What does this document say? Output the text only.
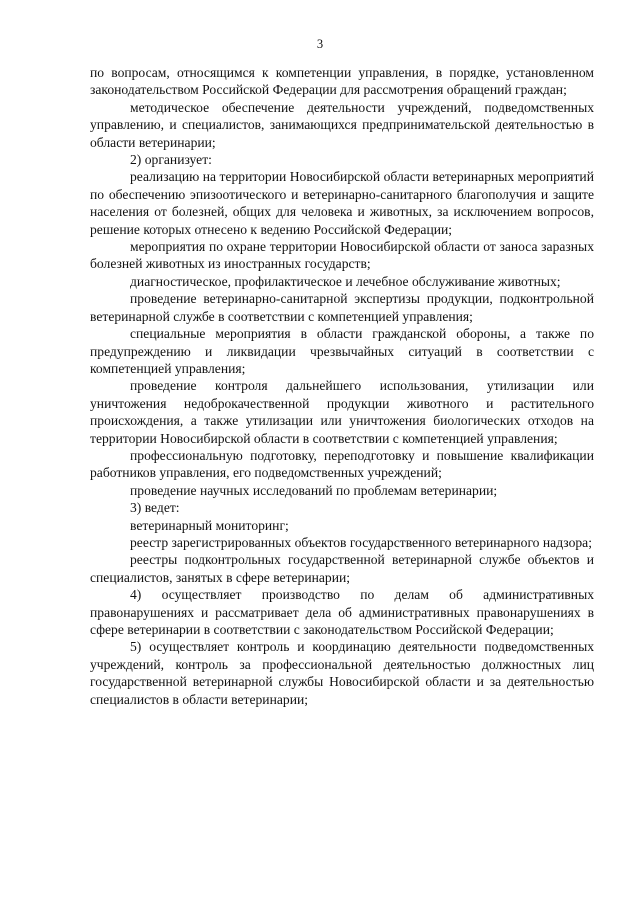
3

по вопросам, относящимся к компетенции управления, в порядке, установленном законодательством Российской Федерации для рассмотрения обращений граждан;

методическое обеспечение деятельности учреждений, подведомственных управлению, и специалистов, занимающихся предпринимательской деятельностью в области ветеринарии;

2) организует:

реализацию на территории Новосибирской области ветеринарных мероприятий по обеспечению эпизоотического и ветеринарно-санитарного благополучия и защите населения от болезней, общих для человека и животных, за исключением вопросов, решение которых отнесено к ведению Российской Федерации;

мероприятия по охране территории Новосибирской области от заноса заразных болезней животных из иностранных государств;

диагностическое, профилактическое и лечебное обслуживание животных;

проведение ветеринарно-санитарной экспертизы продукции, подконтрольной ветеринарной службе в соответствии с компетенцией управления;

специальные мероприятия в области гражданской обороны, а также по предупреждению и ликвидации чрезвычайных ситуаций в соответствии с компетенцией управления;

проведение контроля дальнейшего использования, утилизации или уничтожения недоброкачественной продукции животного и растительного происхождения, а также утилизации или уничтожения биологических отходов на территории Новосибирской области в соответствии с компетенцией управления;

профессиональную подготовку, переподготовку и повышение квалификации работников управления, его подведомственных учреждений;

проведение научных исследований по проблемам ветеринарии;

3) ведет:

ветеринарный мониторинг;

реестр зарегистрированных объектов государственного ветеринарного надзора;

реестры подконтрольных государственной ветеринарной службе объектов и специалистов, занятых в сфере ветеринарии;

4) осуществляет производство по делам об административных правонарушениях и рассматривает дела об административных правонарушениях в сфере ветеринарии в соответствии с законодательством Российской Федерации;

5) осуществляет контроль и координацию деятельности подведомственных учреждений, контроль за профессиональной деятельностью должностных лиц государственной ветеринарной службы Новосибирской области и за деятельностью специалистов в области ветеринарии;
